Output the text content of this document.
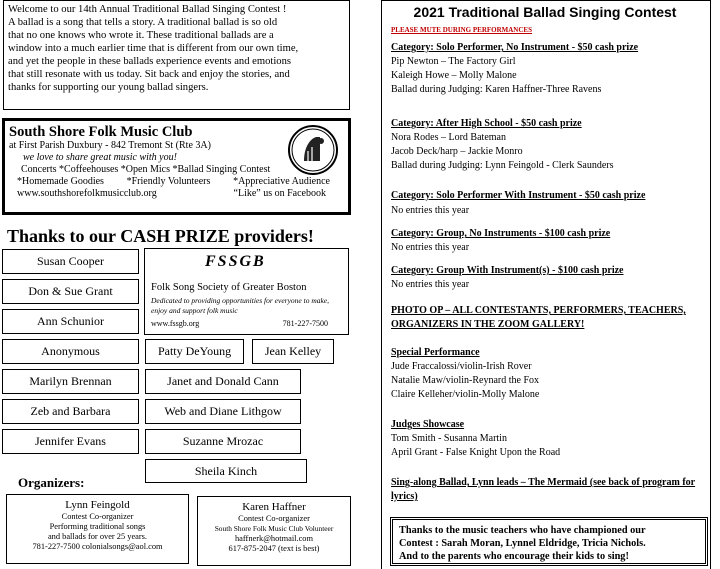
Welcome to our 14th Annual Traditional Ballad Singing Contest !
A ballad is a song that tells a story. A traditional ballad is so old
that no one knows who wrote it. These traditional ballads are a
window into a much earlier time that is different from our own time,
and yet the people in these ballads experience events and emotions
that still resonate with us today. Sit back and enjoy the stories, and
thanks for supporting our young ballad singers.
South Shore Folk Music Club
at First Parish Duxbury - 842 Tremont St (Rte 3A)
we love to share great music with you!
Concerts *Coffeehouses *Open Mics *Ballad Singing Contest
*Homemade Goodies *Friendly Volunteers *Appreciative Audience
www.southshorefolkmusicclub.org	“Like” us on Facebook
Thanks to our CASH PRIZE providers!
Susan Cooper
Don & Sue Grant
Ann Schunior
Anonymous	Patty DeYoung	Jean Kelley
Marilyn Brennan	Janet and Donald Cann
Zeb and Barbara	Web and Diane Lithgow
Jennifer Evans	Suzanne Mrozac
Sheila Kinch
FSSGB
Folk Song Society of Greater Boston
Dedicated to providing opportunities for everyone to make, enjoy and support folk music
www.fssgb.org	781-227-7500
Organizers:
Lynn Feingold
Contest Co-organizer
Performing traditional songs
and ballads for over 25 years.
781-227-7500 colonialsongs@aol.com
Karen Haffner
Contest Co-organizer
South Shore Folk Music Club Volunteer
haffnerk@hotmail.com
617-875-2047 (text is best)
2021 Traditional Ballad Singing Contest
PLEASE MUTE DURING PERFORMANCES
Category: Solo Performer, No Instrument - $50 cash prize
Pip Newton – The Factory Girl
Kaleigh Howe – Molly Malone
Ballad during Judging: Karen Haffner-Three Ravens
Category: After High School - $50 cash prize
Nora Rodes – Lord Bateman
Jacob Deck/harp – Jackie Monro
Ballad during Judging: Lynn Feingold - Clerk Saunders
Category: Solo Performer With Instrument - $50 cash prize
No entries this year
Category: Group, No Instruments - $100 cash prize
No entries this year
Category: Group With Instrument(s) - $100 cash prize
No entries this year
PHOTO OP – ALL CONTESTANTS, PERFORMERS, TEACHERS, ORGANIZERS IN THE ZOOM GALLERY!
Special Performance
Jude Fraccalossi/violin-Irish Rover
Natalie Maw/violin-Reynard the Fox
Claire Kelleher/violin-Molly Malone
Judges Showcase
Tom Smith - Susanna Martin
April Grant - False Knight Upon the Road
Sing-along Ballad, Lynn leads – The Mermaid (see back of program for lyrics)
Thanks to the music teachers who have championed our
Contest : Sarah Moran, Lynnel Eldridge, Tricia Nichols.
And to the parents who encourage their kids to sing!
